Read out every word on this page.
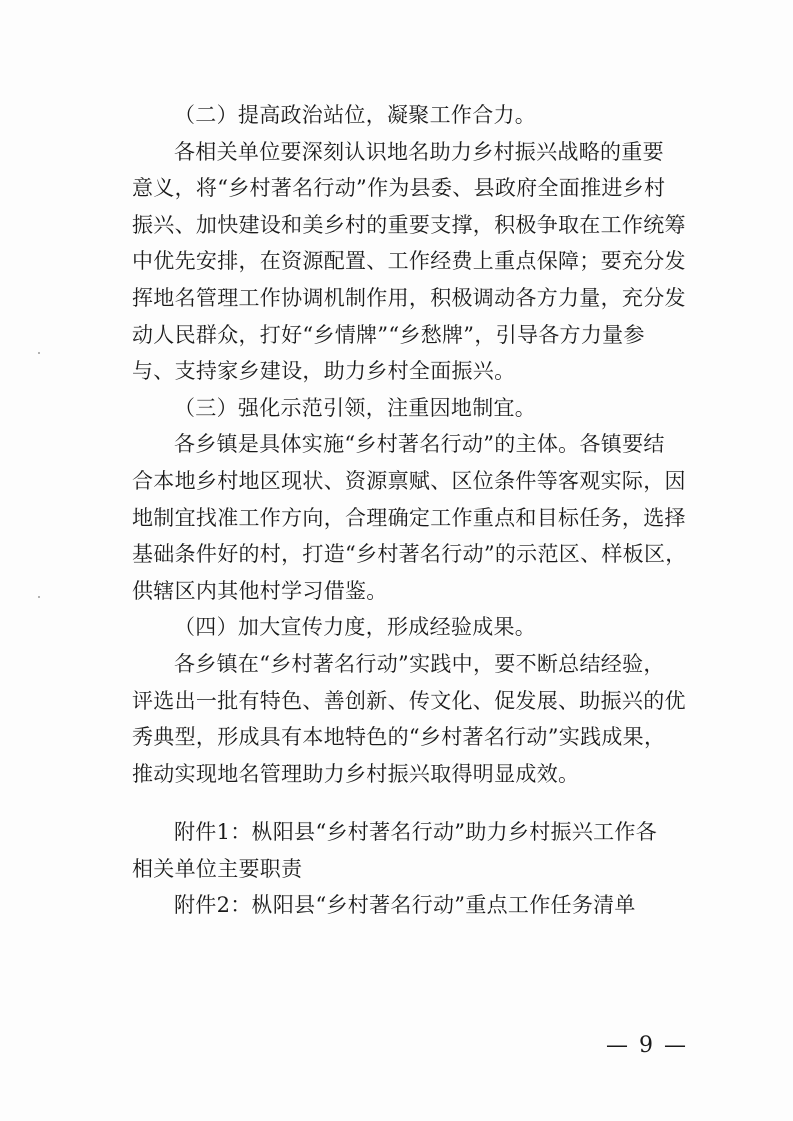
（二）提高政治站位，凝聚工作合力。
各相关单位要深刻认识地名助力乡村振兴战略的重要
意义，将“乡村著名行动”作为县委、县政府全面推进乡村
振兴、加快建设和美乡村的重要支撑，积极争取在工作统筹
中优先安排，在资源配置、工作经费上重点保障；要充分发
挥地名管理工作协调机制作用，积极调动各方力量，充分发
动人民群众，打好“乡情牌”“乡愁牌”，引导各方力量参
与、支持家乡建设，助力乡村全面振兴。
（三）强化示范引领，注重因地制宜。
各乡镇是具体实施“乡村著名行动”的主体。各镇要结
合本地乡村地区现状、资源禀赋、区位条件等客观实际，因
地制宜找准工作方向，合理确定工作重点和目标任务，选择
基础条件好的村，打造“乡村著名行动”的示范区、样板区，
供辖区内其他村学习借鉴。
（四）加大宣传力度，形成经验成果。
各乡镇在“乡村著名行动”实践中，要不断总结经验，
评选出一批有特色、善创新、传文化、促发展、助振兴的优
秀典型，形成具有本地特色的“乡村著名行动”实践成果，
推动实现地名管理助力乡村振兴取得明显成效。
附件1：枞阳县“乡村著名行动”助力乡村振兴工作各
相关单位主要职责
附件2：枞阳县“乡村著名行动”重点工作任务清单
— 9 —
